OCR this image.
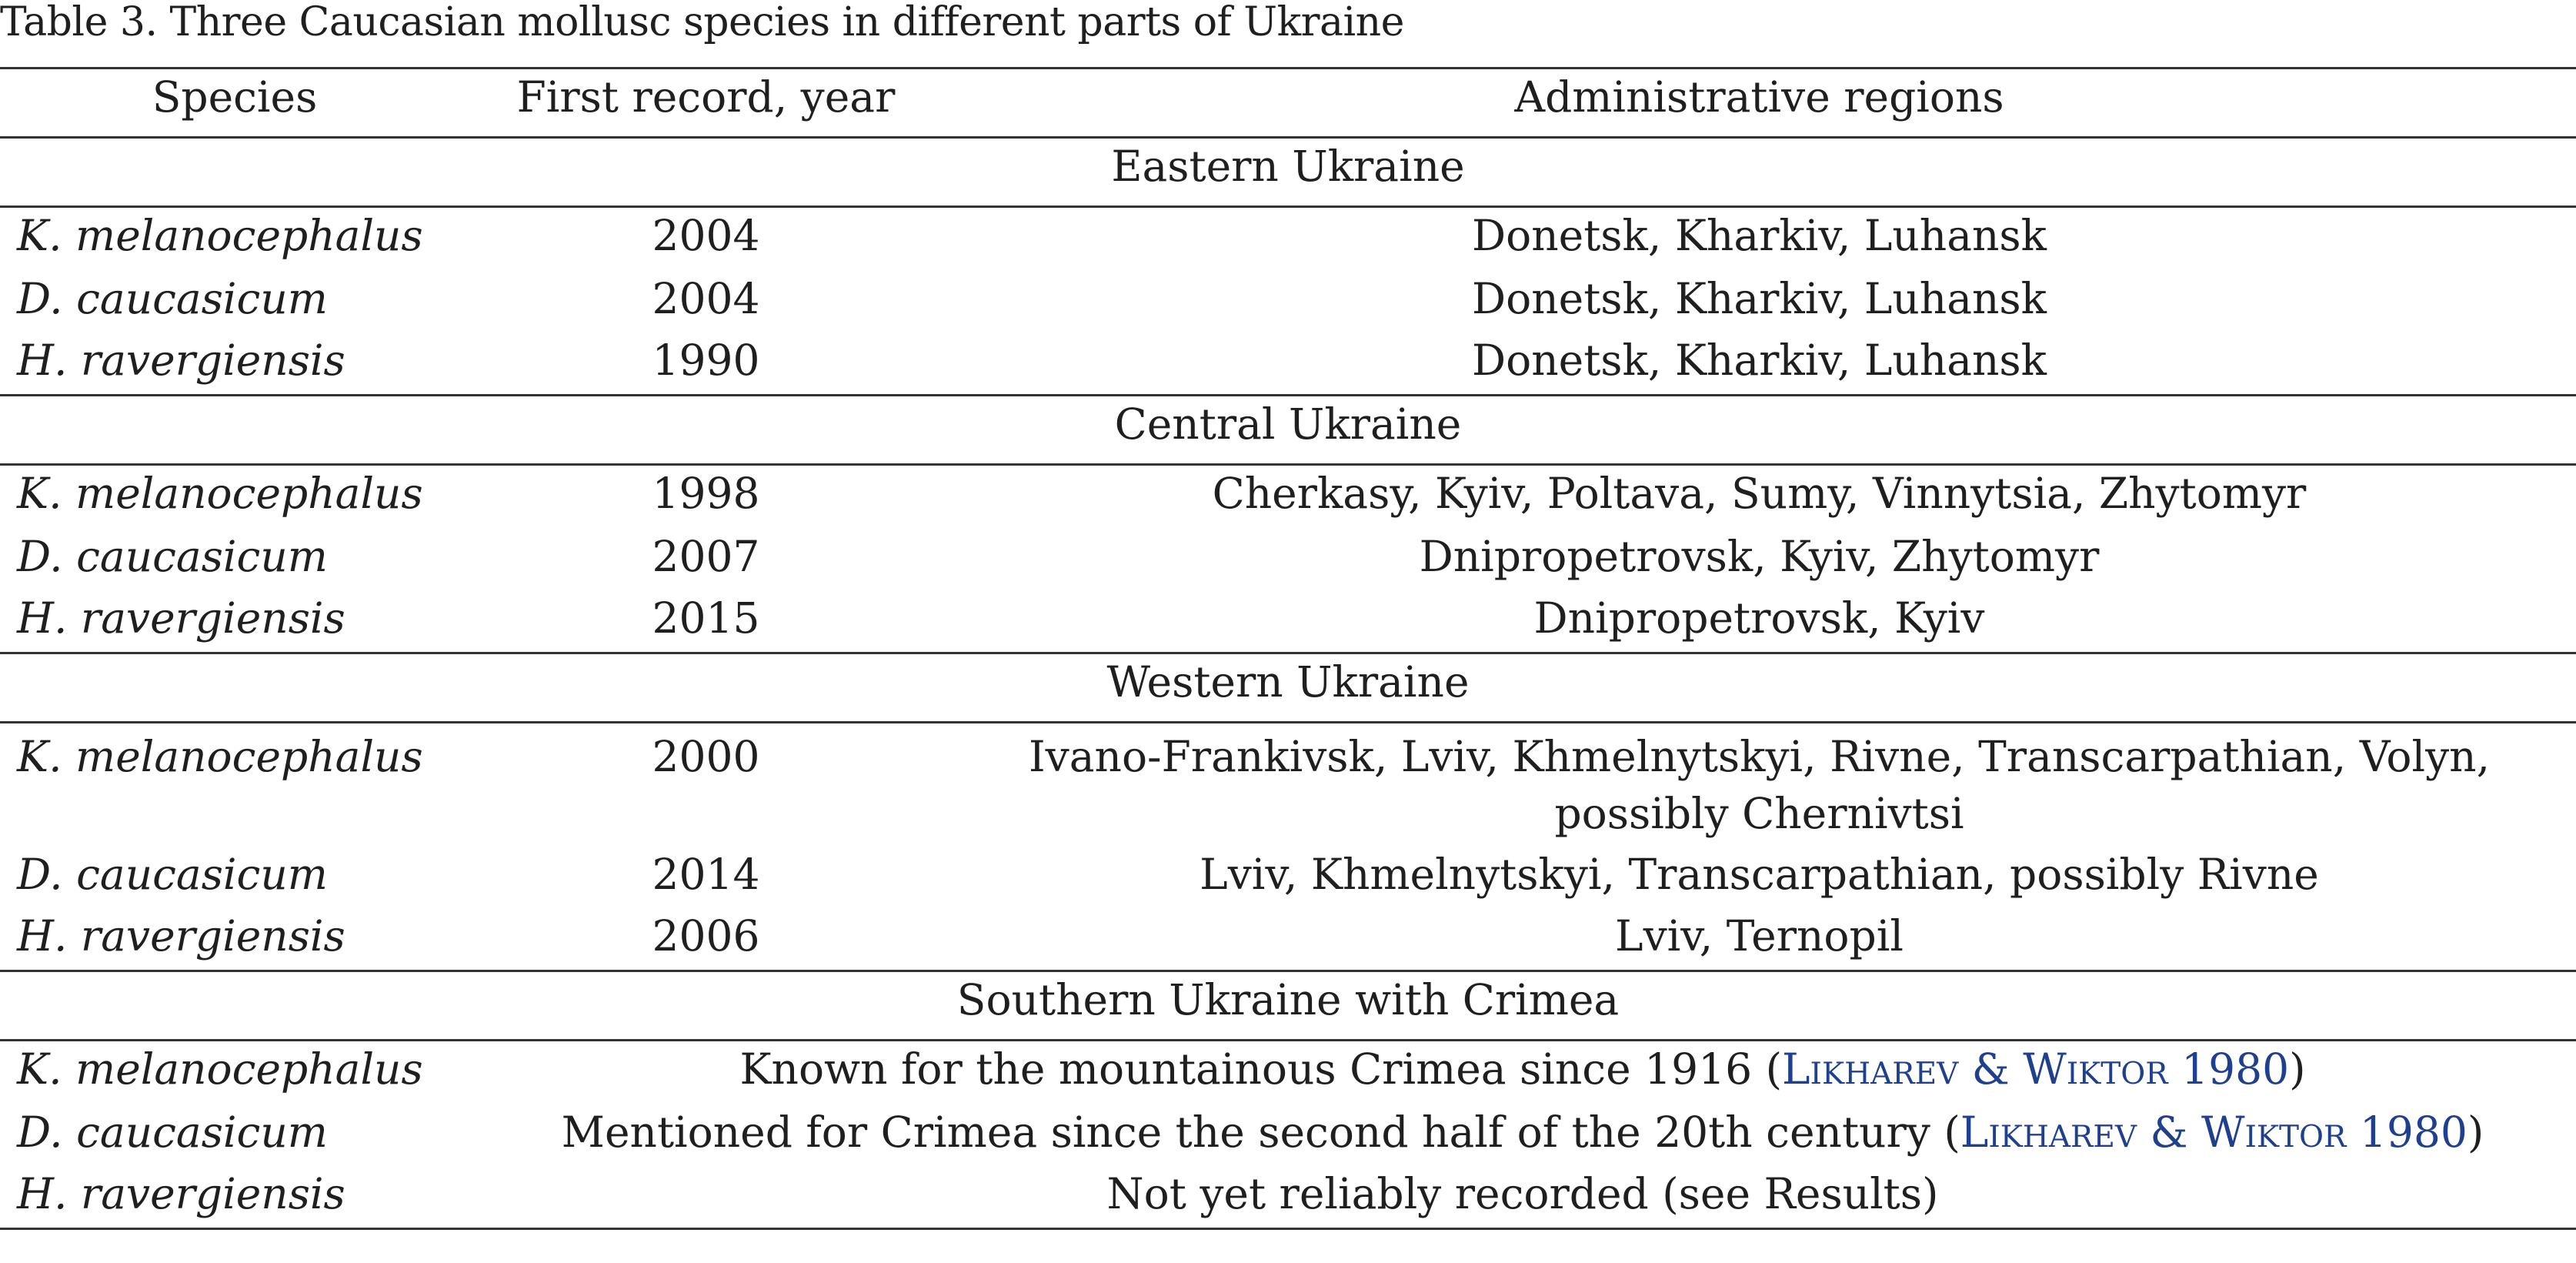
Table 3. Three Caucasian mollusc species in different parts of Ukraine
Species	First record, year	Administrative regions
Eastern Ukraine		
K. melanocephalus	2004	Donetsk, Kharkiv, Luhansk
D. caucasicum	2004	Donetsk, Kharkiv, Luhansk
H. ravergiensis	1990	Donetsk, Kharkiv, Luhansk
Central Ukraine		
K. melanocephalus	1998	Cherkasy, Kyiv, Poltava, Sumy, Vinnytsia, Zhytomyr
D. caucasicum	2007	Dnipropetrovsk, Kyiv, Zhytomyr
H. ravergiensis	2015	Dnipropetrovsk, Kyiv
Western Ukraine		
K. melanocephalus	2000	Ivano-Frankivsk, Lviv, Khmelnytskyi, Rivne, Transcarpathian, Volyn,
possibly Chernivtsi

D. caucasicum	2014	Lviv, Khmelnytskyi, Transcarpathian, possibly Rivne
H. ravergiensis	2006	Lviv, Ternopil
Southern Ukraine with Crimea		
K. melanocephalus	Known for the mountainous Crimea since 1916 (Likharev & Wiktor 1980)	
D. caucasicum	Mentioned for Crimea since the second half of the 20th century (Likharev & Wiktor 1980)	
H. ravergiensis	Not yet reliably recorded (see Results)	
